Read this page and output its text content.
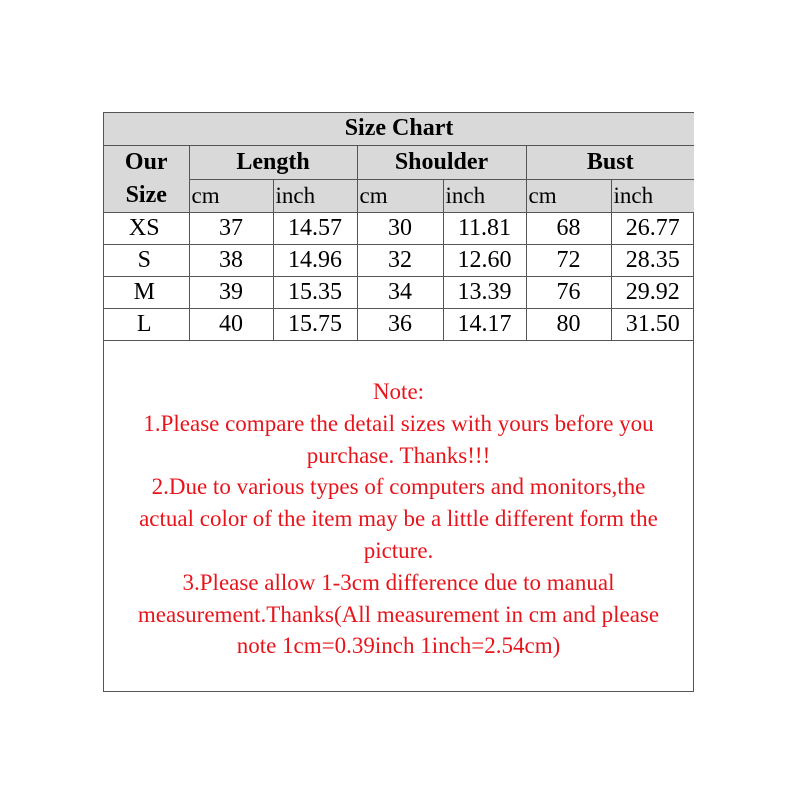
Size Chart						

Our
Size	Length		Shoulder		Bust	
	cm	inch	cm	inch	cm	inch
XS	37	14.57	30	11.81	68	26.77
S	38	14.96	32	12.60	72	28.35
M	39	15.35	34	13.39	76	29.92
L	40	15.75	36	14.17	80	31.50
Note:
1.Please compare the detail sizes with yours before you
purchase. Thanks!!!
2.Due to various types of computers and monitors,the
actual color of the item may be a little different form the
picture.
3.Please allow 1-3cm difference due to manual
measurement.Thanks(All measurement in cm and please
note 1cm=0.39inch 1inch=2.54cm)
